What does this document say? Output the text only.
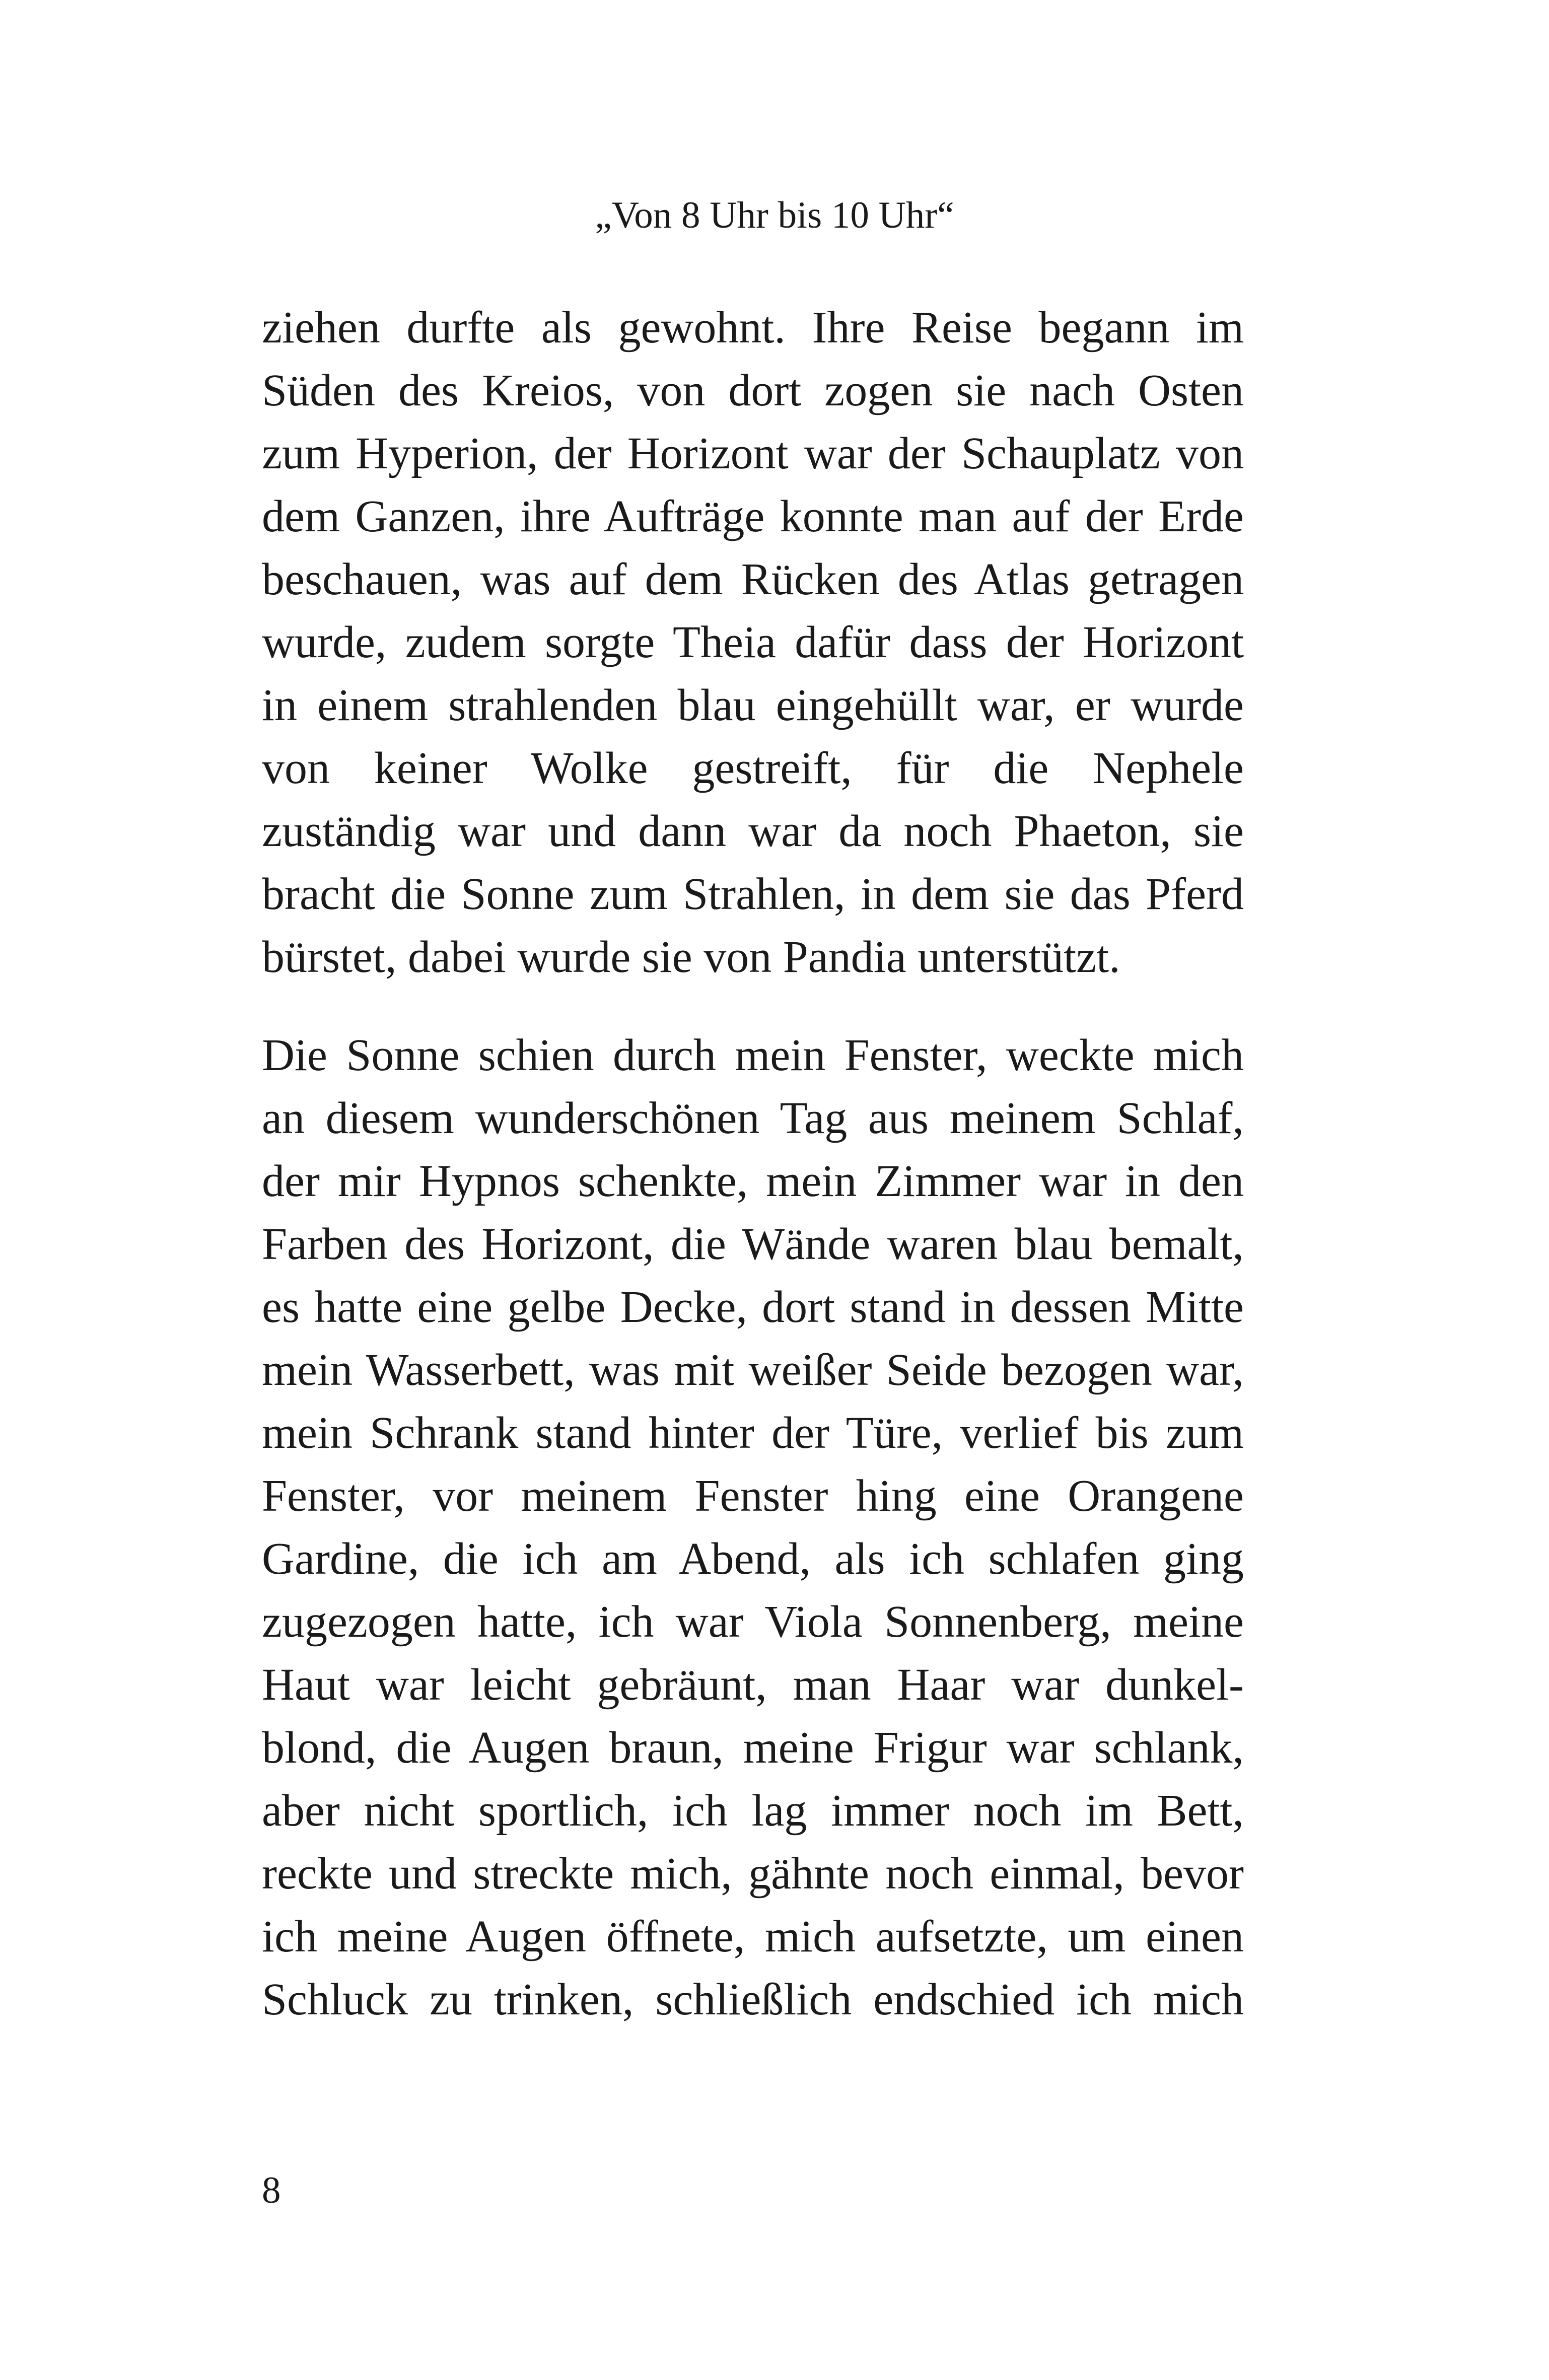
„Von 8 Uhr bis 10 Uhr“
ziehen durfte als gewohnt. Ihre Reise begann im
Süden des Kreios, von dort zogen sie nach Osten
zum Hyperion, der Horizont war der Schauplatz von
dem Ganzen, ihre Aufträge konnte man auf der Erde
beschauen, was auf dem Rücken des Atlas getragen
wurde, zudem sorgte Theia dafür dass der Horizont
in einem strahlenden blau eingehüllt war, er wurde
von keiner Wolke gestreift, für die Nephele
zuständig war und dann war da noch Phaeton, sie
bracht die Sonne zum Strahlen, in dem sie das Pferd
bürstet, dabei wurde sie von Pandia unterstützt.
Die Sonne schien durch mein Fenster, weckte mich
an diesem wunderschönen Tag aus meinem Schlaf,
der mir Hypnos schenkte, mein Zimmer war in den
Farben des Horizont, die Wände waren blau bemalt,
es hatte eine gelbe Decke, dort stand in dessen Mitte
mein Wasserbett, was mit weißer Seide bezogen war,
mein Schrank stand hinter der Türe, verlief bis zum
Fenster, vor meinem Fenster hing eine Orangene
Gardine, die ich am Abend, als ich schlafen ging
zugezogen hatte, ich war Viola Sonnenberg, meine
Haut war leicht gebräunt, man Haar war dunkel-
blond, die Augen braun, meine Frigur war schlank,
aber nicht sportlich, ich lag immer noch im Bett,
reckte und streckte mich, gähnte noch einmal, bevor
ich meine Augen öffnete, mich aufsetzte, um einen
Schluck zu trinken, schließlich endschied ich mich
8
